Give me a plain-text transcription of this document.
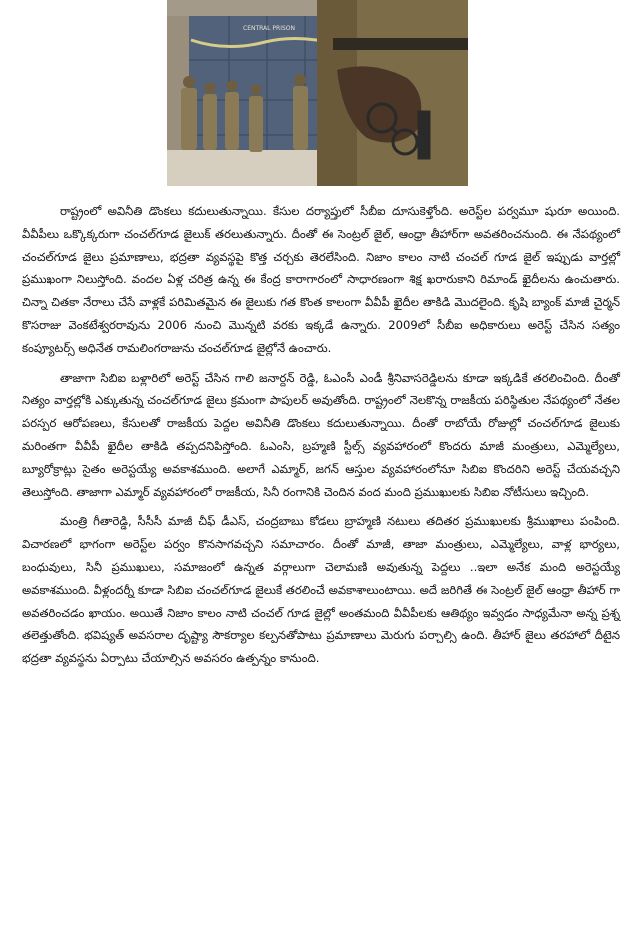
CENTRAL PRISON

రాష్ట్రంలో అవినీతి డొంకలు కదులుతున్నాయి. కేసుల దర్యాప్తులో సీబీఐ దూసుకెళ్తోంది. అరెస్ట్‌ల పర్వమూ షురూ అయింది. వీవీపీలు ఒక్కొక్కరుగా చంచల్‌గూడ జైలుక్ తరలుతున్నారు. దీంతో ఈ సెంట్రల్ జైల్, ఆంధ్రా తీహార్‌గా అవతరించనుంది. ఈ నేపథ్యంలో చంచల్‌గూడ జైలు ప్రమాణాలు, భద్రతా వ్యవస్థపై కొత్త చర్చకు తెరలేసింది. నిజాం కాలం నాటి చంచల్ గూడ జైల్ ఇప్పుడు వార్తల్లో ప్రముఖంగా నిలుస్తోంది. వందల ఏళ్ల చరిత్ర ఉన్న ఈ కేంద్ర కారాగారంలో సాధారణంగా శిక్ష ఖరారుకాని రిమాండ్ ఖైదీలను ఉంచుతారు. చిన్నా చితకా నేరాలు చేసే వాళ్లకే పరిమితమైన ఈ జైలుకు గత కొంత కాలంగా వీవీపీ ఖైదీల తాకిడి మొదలైంది. కృషి బ్యాంక్ మాజీ చైర్మన్ కొసరాజు వెంకటేశ్వరరావును 2006 నుంచి మొన్నటి వరకు ఇక్కడే ఉన్నారు. 2009లో సీబీఐ అధికారులు అరెస్ట్ చేసిన సత్యం కంప్యూటర్స్ అధినేత రామలింగరాజును చంచల్‌గూడ జైల్లోనే ఉంచారు.

తాజాగా సిబిఐ బళ్లారిలో అరెస్ట్ చేసిన గాలి జనార్దన్ రెడ్డి, ఓఎంసీ ఎండీ శ్రీనివాసరెడ్డిలను కూడా ఇక్కడికే తరలించింది. దీంతో నిత్యం వార్తల్లోకి ఎక్కుతున్న చంచల్‌గూడ జైలు క్రమంగా పాపులర్ అవుతోంది. రాష్ట్రంలో నెలకొన్న రాజకీయ పరిస్థితుల నేపథ్యంలో నేతల పరస్పర ఆరోపణలు, కేసులతో రాజకీయ పెద్దల అవినీతి డొంకలు కదులుతున్నాయి. దీంతో రాబోయే రోజుల్లో చంచల్‌గూడ జైలుకు మరింతగా వీవీపీ ఖైదీల తాకిడి తప్పదనిపిస్తోంది. ఓఎంసి, బ్రహ్మణి స్టీల్స్ వ్యవహారంలో కొందరు మాజీ మంత్రులు, ఎమ్మెల్యేలు, బ్యూరోక్రాట్లు సైతం అరెస్టయ్యే అవకాశముంది. అలాగే ఎమ్మార్, జగన్ ఆస్తుల వ్యవహారంలోనూ సిబిఐ కొందరిని అరెస్ట్ చేయవచ్చని తెలుస్తోంది. తాజాగా ఎమ్మార్ వ్యవహారంలో రాజకీయ, సినీ రంగానికి చెందిన వంద మంది ప్రముఖులకు సిబిఐ నోటీసులు ఇచ్చింది.

మంత్రి గీతారెడ్డి, సీసీసీ మాజీ చీఫ్ డీఎస్, చంద్రబాబు కోడలు బ్రాహ్మణి నటులు తదితర ప్రముఖులకు శ్రీముఖాలు పంపింది. విచారణలో భాగంగా అరెస్ట్‌ల పర్వం కొనసాగవచ్చని సమాచారం. దీంతో మాజీ, తాజా మంత్రులు, ఎమ్మెల్యేలు, వాళ్ల భార్యలు, బంధువులు, సినీ ప్రముఖులు, సమాజంలో ఉన్నత వర్గాలుగా చెలామణి అవుతున్న పెద్దలు ..ఇలా అనేక మంది అరెస్టయ్యే అవకాశముంది. వీళ్లందర్నీ కూడా సిబిఐ చంచల్‌గూడ జైలుకే తరలించే అవకాశాలుంటాయి. అదే జరిగితే ఈ సెంట్రల్ జైల్ ఆంధ్రా తీహార్ గా అవతరించడం ఖాయం. అయితే నిజాం కాలం నాటి చంచల్ గూడ జైల్లో అంతమంది వీవీపీలకు ఆతిథ్యం ఇవ్వడం సాధ్యమేనా అన్న ప్రశ్న తలెత్తుతోంది. భవిష్యత్ అవసరాల దృష్ట్యా సౌకర్యాల కల్పనతోపాటు ప్రమాణాలు మెరుగు పర్చాల్సి ఉంది. తీహార్ జైలు తరహాలో దీటైన భద్రతా వ్యవస్థను ఏర్పాటు చేయాల్సిన అవసరం ఉత్పన్నం కానుంది.
